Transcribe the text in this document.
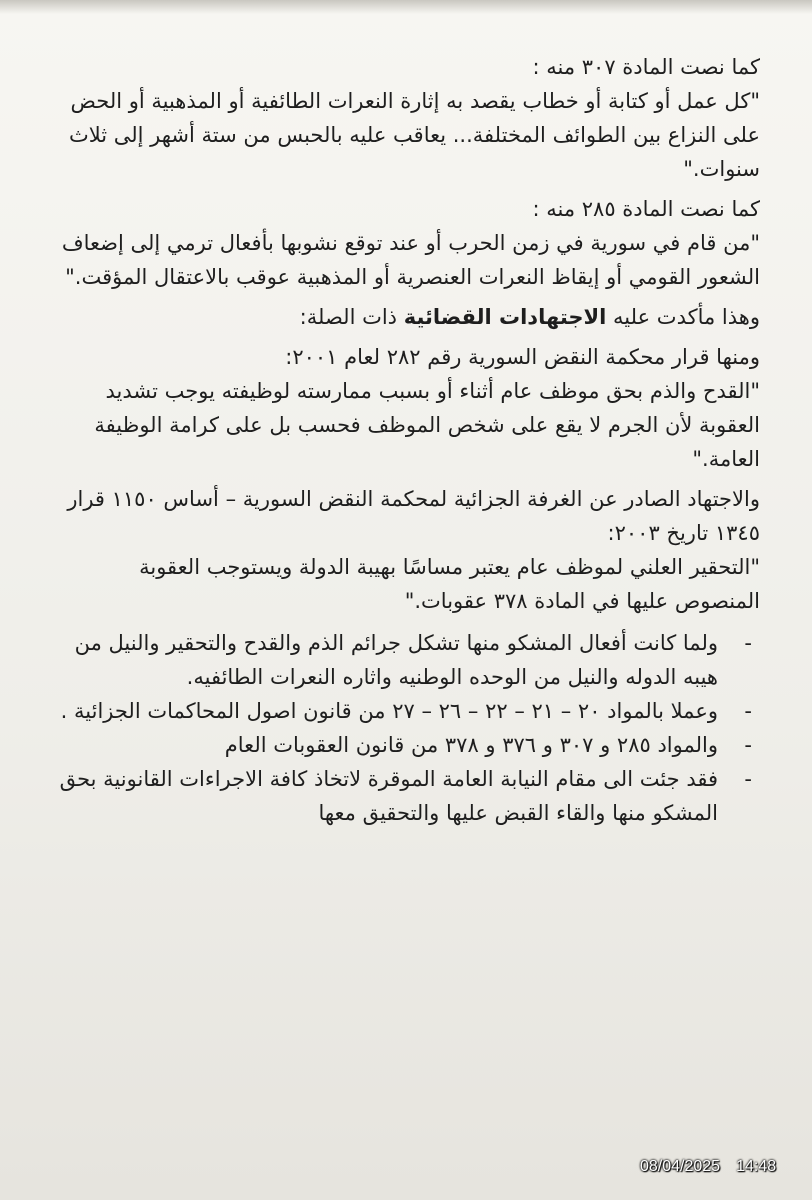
كما نصت المادة ٣٠٧ منه :

"كل عمل أو كتابة أو خطاب يقصد به إثارة النعرات الطائفية أو المذهبية أو الحض على النزاع بين الطوائف المختلفة... يعاقب عليه بالحبس من ستة أشهر إلى ثلاث سنوات."

كما نصت المادة ٢٨٥ منه :

"من قام في سورية في زمن الحرب أو عند توقع نشوبها بأفعال ترمي إلى إضعاف الشعور القومي أو إيقاظ النعرات العنصرية أو المذهبية عوقب بالاعتقال المؤقت."

وهذا مأكدت عليه الاجتهادات القضائية ذات الصلة:

ومنها قرار محكمة النقض السورية رقم ٢٨٢ لعام ٢٠٠١:

"القدح والذم بحق موظف عام أثناء أو بسبب ممارسته لوظيفته يوجب تشديد العقوبة لأن الجرم لا يقع على شخص الموظف فحسب بل على كرامة الوظيفة العامة."

والاجتهاد الصادر عن الغرفة الجزائية لمحكمة النقض السورية – أساس ١١٥٠ قرار ١٣٤٥ تاريخ ٢٠٠٣:

"التحقير العلني لموظف عام يعتبر مساسًا بهيبة الدولة ويستوجب العقوبة المنصوص عليها في المادة ٣٧٨ عقوبات."

- ولما كانت أفعال المشكو منها تشكل جرائم الذم والقدح والتحقير والنيل من هيبه الدوله والنيل من الوحده الوطنيه واثاره النعرات الطائفيه.
- وعملا بالمواد ٢٠ – ٢١ – ٢٢ – ٢٦ – ٢٧ من قانون اصول المحاكمات الجزائية .
- والمواد ٢٨٥ و ٣٠٧ و ٣٧٦ و ٣٧٨ من قانون العقوبات العام
- فقد جئت الى مقام النيابة العامة الموقرة لاتخاذ كافة الاجراءات القانونية بحق المشكو منها والقاء القبض عليها والتحقيق معها
08/04/2025 14:48
